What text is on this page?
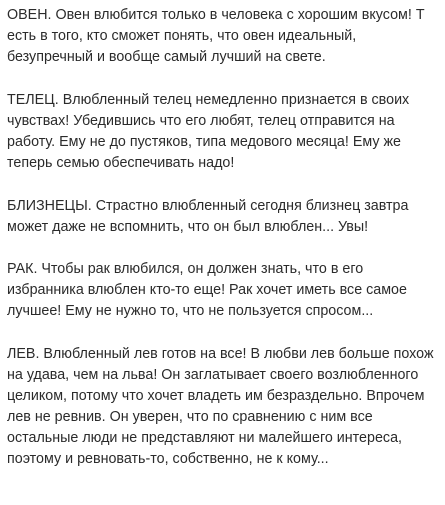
ОВЕН. Овен влюбится только в человека с хорошим вкусом! Т
есть в того, кто сможет понять, что овен идеальный,
безупречный и вообще самый лучший на свете.
ТЕЛЕЦ. Влюбленный телец немедленно признается в своих
чувствах! Убедившись что его любят, телец отправится на
работу. Ему не до пустяков, типа медового месяца! Ему же
теперь семью обеспечивать надо!
БЛИЗНЕЦЫ. Страстно влюбленный сегодня близнец завтра
может даже не вспомнить, что он был влюблен... Увы!
РАК. Чтобы рак влюбился, он должен знать, что в его
избранника влюблен кто-то еще! Рак хочет иметь все самое
лучшее! Ему не нужно то, что не пользуется спросом...
ЛЕВ. Влюбленный лев готов на все! В любви лев больше похож
на удава, чем на льва! Он заглатывает своего возлюбленного
целиком, потому что хочет владеть им безраздельно. Впрочем
лев не ревнив. Он уверен, что по сравнению с ним все
остальные люди не представляют ни малейшего интереса,
поэтому и ревновать-то, собственно, не к кому...
